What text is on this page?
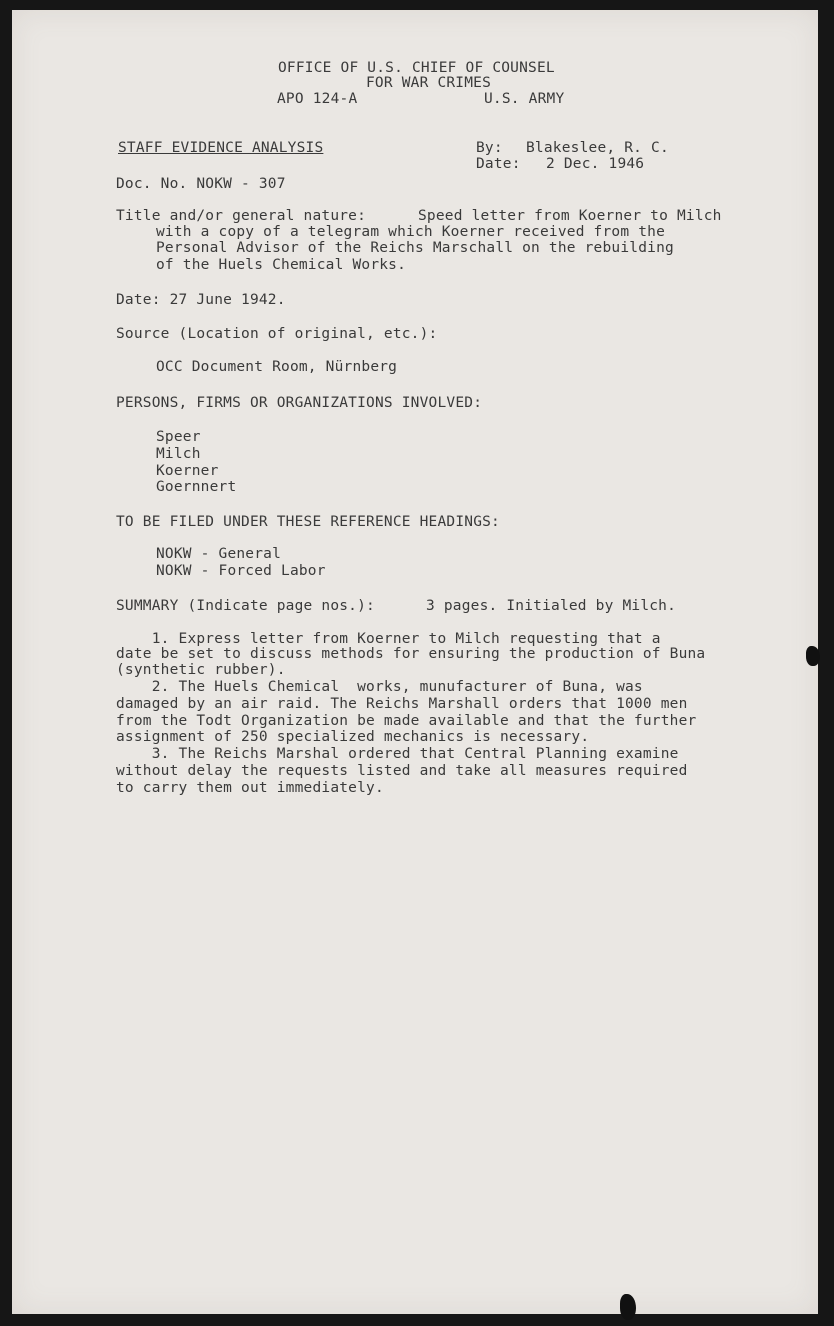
OFFICE OF U.S. CHIEF OF COUNSEL
FOR WAR CRIMES
APO 124-A	U.S. ARMY
STAFF EVIDENCE ANALYSIS	By: Blakeslee, R. C.
Date: 2 Dec. 1946
Doc. No. NOKW - 307
Title and/or general nature:	Speed letter from Koerner to Milch
with a copy of a telegram which Koerner received from the
Personal Advisor of the Reichs Marschall on the rebuilding
of the Huels Chemical Works.
Date: 27 June 1942.
Source (Location of original, etc.):
OCC Document Room, Nürnberg
PERSONS, FIRMS OR ORGANIZATIONS INVOLVED:
Speer
Milch
Koerner
Goernnert
TO BE FILED UNDER THESE REFERENCE HEADINGS:
NOKW - General
NOKW - Forced Labor
SUMMARY (Indicate page nos.):	3 pages. Initialed by Milch.
1. Express letter from Koerner to Milch requesting that a
date be set to discuss methods for ensuring the production of Buna
(synthetic rubber).
2. The Huels Chemical  works, munufacturer of Buna, was
damaged by an air raid. The Reichs Marshall orders that 1000 men
from the Todt Organization be made available and that the further
assignment of 250 specialized mechanics is necessary.
3. The Reichs Marshal ordered that Central Planning examine
without delay the requests listed and take all measures required
to carry them out immediately.
